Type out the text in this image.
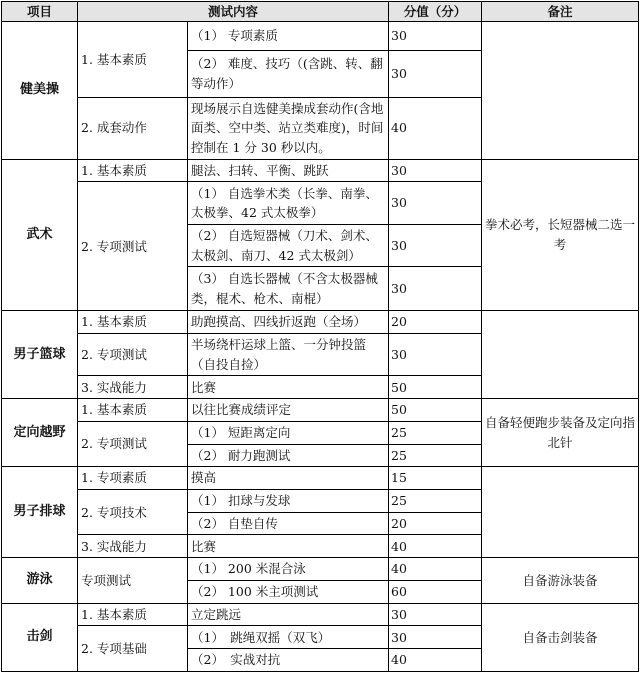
项目	测试内容		分值（分）	备注
健美操	1. 基本素质	（1） 专项素质	30	
		（2） 难度、技巧（(含跳、转、翻等动作）	30	
	2. 成套动作	现场展示自选健美操成套动作(含地面类、空中类、站立类难度)，时间控制在 1 分 30 秒以内。	40	
武术	1. 基本素质	腿法、扫转、平衡、跳跃	30	拳术必考，长短器械二选一考
	2. 专项测试	（1） 自选拳术类（长拳、南拳、太极拳、42 式太极拳）	30	
		（2） 自选短器械（刀术、剑术、太极剑、南刀、42 式太极剑）	30	
		（3） 自选长器械（不含太极器械类，棍术、枪术、南棍）	30	
男子篮球	1. 基本素质	助跑摸高、四线折返跑（全场）	20	
	2. 专项测试	半场绕杆运球上篮、一分钟投篮（自投自捡）	30	
	3. 实战能力	比赛	50	
定向越野	1. 基本素质	以往比赛成绩评定	50	自备轻便跑步装备及定向指北针
	2. 专项测试	（1） 短距离定向	25	
		（2） 耐力跑测试	25	
男子排球	1. 专项素质	摸高	15	
	2. 专项技术	（1） 扣球与发球	25	
		（2） 自垫自传	20	
	3. 实战能力	比赛	40	
游泳	专项测试	（1） 200 米混合泳	40	自备游泳装备
		（2） 100 米主项测试	60	
击剑	1. 基本素质	立定跳远	30	自备击剑装备
	2. 专项基础	（1）　跳绳双摇（双飞）	30	
		（2）　实战对抗	40	
